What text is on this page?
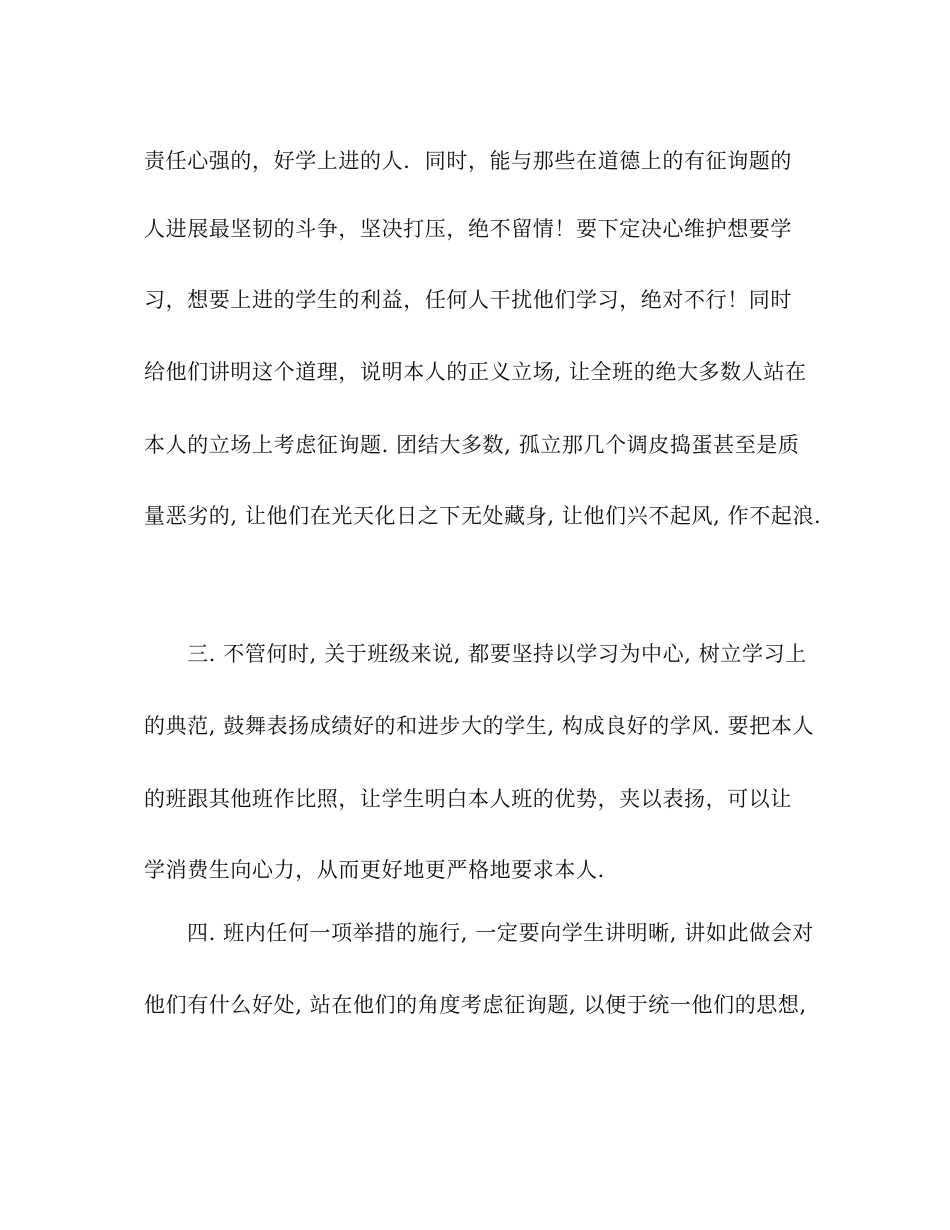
责任心强的，好学上进的人．同时，能与那些在道德上的有征询题的
人进展最坚韧的斗争，坚决打压，绝不留情！要下定决心维护想要学
习，想要上进的学生的利益，任何人干扰他们学习，绝对不行！同时
给他们讲明这个道理，说明本人的正义立场, 让全班的绝大多数人站在
本人的立场上考虑征询题. 团结大多数, 孤立那几个调皮捣蛋甚至是质
量恶劣的, 让他们在光天化日之下无处藏身, 让他们兴不起风, 作不起浪.
三. 不管何时, 关于班级来说, 都要坚持以学习为中心, 树立学习上
的典范, 鼓舞表扬成绩好的和进步大的学生, 构成良好的学风. 要把本人
的班跟其他班作比照，让学生明白本人班的优势，夹以表扬，可以让
学消费生向心力，从而更好地更严格地要求本人．
四. 班内任何一项举措的施行, 一定要向学生讲明晰, 讲如此做会对
他们有什么好处, 站在他们的角度考虑征询题, 以便于统一他们的思想,
